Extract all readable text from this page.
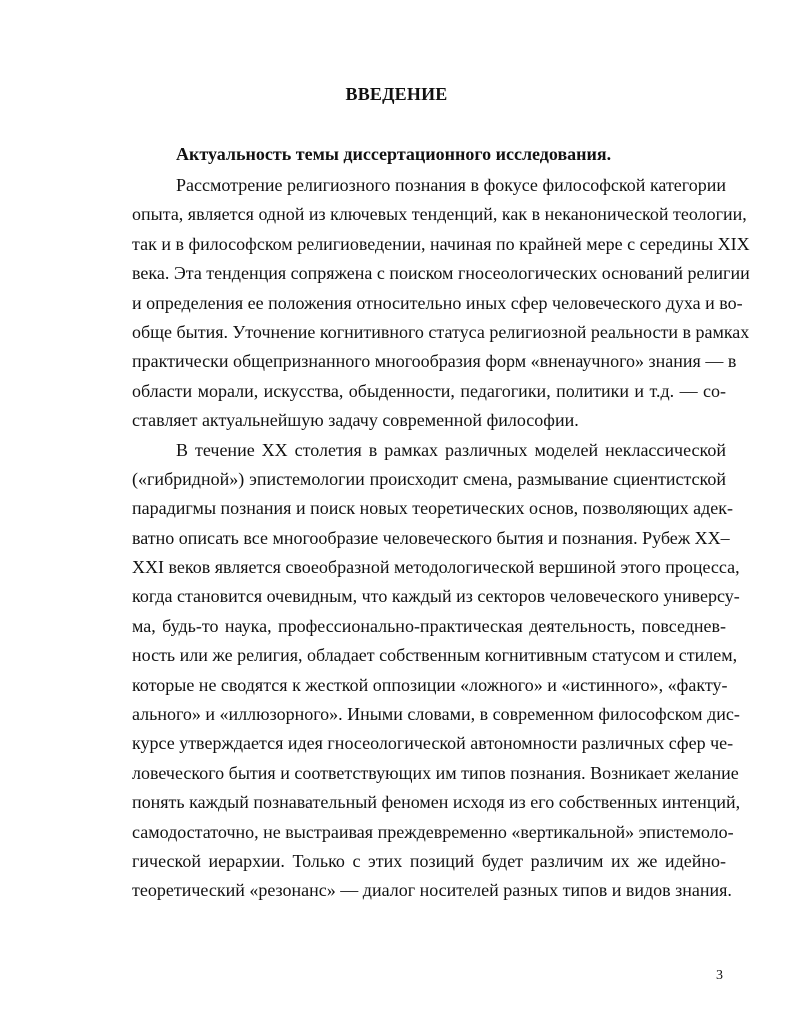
ВВЕДЕНИЕ
Актуальность темы диссертационного исследования.
Рассмотрение религиозного познания в фокусе философской категории
опыта, является одной из ключевых тенденций, как в неканонической теологии,
так и в философском религиоведении, начиная по крайней мере с середины XIX
века. Эта тенденция сопряжена с поиском гносеологических оснований религии
и определения ее положения относительно иных сфер человеческого духа и во-
обще бытия. Уточнение когнитивного статуса религиозной реальности в рамках
практически общепризнанного многообразия форм «вненаучного» знания — в
области морали, искусства, обыденности, педагогики, политики и т.д. — со-
ставляет актуальнейшую задачу современной философии.
В течение XX столетия в рамках различных моделей неклассической
(«гибридной») эпистемологии происходит смена, размывание сциентистской
парадигмы познания и поиск новых теоретических основ, позволяющих адек-
ватно описать все многообразие человеческого бытия и познания. Рубеж XX–
XXI веков является своеобразной методологической вершиной этого процесса,
когда становится очевидным, что каждый из секторов человеческого универсу-
ма, будь-то наука, профессионально-практическая деятельность, повседнев-
ность или же религия, обладает собственным когнитивным статусом и стилем,
которые не сводятся к жесткой оппозиции «ложного» и «истинного», «факту-
ального» и «иллюзорного». Иными словами, в современном философском дис-
курсе утверждается идея гносеологической автономности различных сфер че-
ловеческого бытия и соответствующих им типов познания. Возникает желание
понять каждый познавательный феномен исходя из его собственных интенций,
самодостаточно, не выстраивая преждевременно «вертикальной» эпистемоло-
гической иерархии. Только с этих позиций будет различим их же идейно-
теоретический «резонанс» — диалог носителей разных типов и видов знания.
3
